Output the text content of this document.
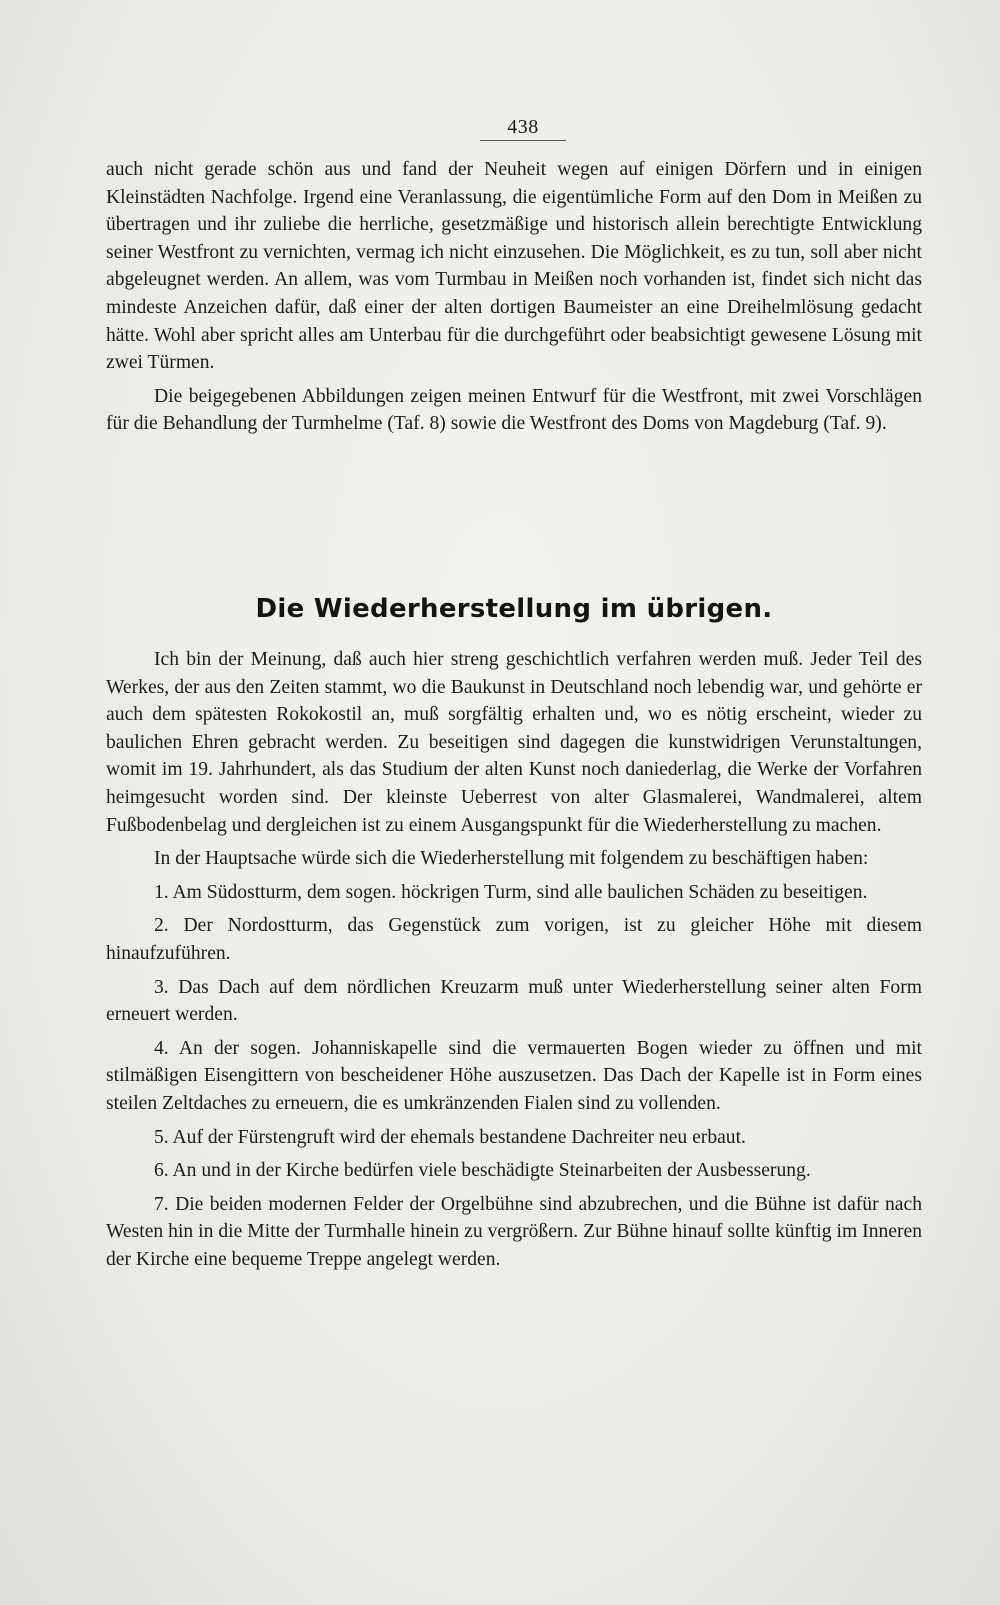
438

auch nicht gerade schön aus und fand der Neuheit wegen auf einigen Dörfern und in einigen Kleinstädten Nachfolge. Irgend eine Veranlassung, die eigentümliche Form auf den Dom in Meißen zu übertragen und ihr zuliebe die herrliche, gesetzmäßige und historisch allein berechtigte Entwicklung seiner Westfront zu vernichten, vermag ich nicht einzusehen. Die Möglichkeit, es zu tun, soll aber nicht abgeleugnet werden. An allem, was vom Turmbau in Meißen noch vorhanden ist, findet sich nicht das mindeste Anzeichen dafür, daß einer der alten dortigen Baumeister an eine Dreihelmlösung gedacht hätte. Wohl aber spricht alles am Unterbau für die durchgeführt oder beabsichtigt gewesene Lösung mit zwei Türmen.

Die beigegebenen Abbildungen zeigen meinen Entwurf für die Westfront, mit zwei Vorschlägen für die Behandlung der Turmhelme (Taf. 8) sowie die Westfront des Doms von Magdeburg (Taf. 9).

Die Wiederherstellung im übrigen.

Ich bin der Meinung, daß auch hier streng geschichtlich verfahren werden muß. Jeder Teil des Werkes, der aus den Zeiten stammt, wo die Baukunst in Deutschland noch lebendig war, und gehörte er auch dem spätesten Rokokostil an, muß sorgfältig erhalten und, wo es nötig erscheint, wieder zu baulichen Ehren gebracht werden. Zu beseitigen sind dagegen die kunstwidrigen Verunstaltungen, womit im 19. Jahrhundert, als das Studium der alten Kunst noch daniederlag, die Werke der Vorfahren heimgesucht worden sind. Der kleinste Ueberrest von alter Glasmalerei, Wandmalerei, altem Fußbodenbelag und dergleichen ist zu einem Ausgangspunkt für die Wiederherstellung zu machen.

In der Hauptsache würde sich die Wiederherstellung mit folgendem zu beschäftigen haben:

1. Am Südostturm, dem sogen. höckrigen Turm, sind alle baulichen Schäden zu beseitigen.

2. Der Nordostturm, das Gegenstück zum vorigen, ist zu gleicher Höhe mit diesem hinaufzuführen.

3. Das Dach auf dem nördlichen Kreuzarm muß unter Wiederherstellung seiner alten Form erneuert werden.

4. An der sogen. Johanniskapelle sind die vermauerten Bogen wieder zu öffnen und mit stilmäßigen Eisengittern von bescheidener Höhe auszusetzen. Das Dach der Kapelle ist in Form eines steilen Zeltdaches zu erneuern, die es umkränzenden Fialen sind zu vollenden.

5. Auf der Fürstengruft wird der ehemals bestandene Dachreiter neu erbaut.

6. An und in der Kirche bedürfen viele beschädigte Steinarbeiten der Ausbesserung.

7. Die beiden modernen Felder der Orgelbühne sind abzubrechen, und die Bühne ist dafür nach Westen hin in die Mitte der Turmhalle hinein zu vergrößern. Zur Bühne hinauf sollte künftig im Inneren der Kirche eine bequeme Treppe angelegt werden.
